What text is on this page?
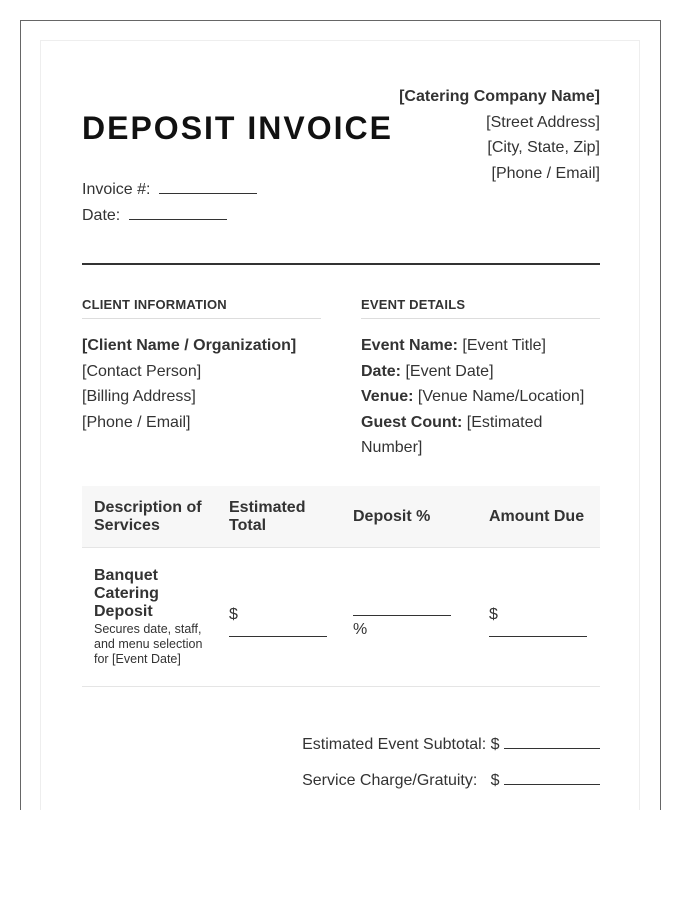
DEPOSIT INVOICE
[Catering Company Name]
[Street Address]
[City, State, Zip]
[Phone / Email]
Invoice #:
Date:
CLIENT INFORMATION
[Client Name / Organization]
[Contact Person]
[Billing Address]
[Phone / Email]
EVENT DETAILS
Event Name: [Event Title]
Date: [Event Date]
Venue: [Venue Name/Location]
Guest Count: [Estimated Number]
Description of Services	Estimated Total	Deposit %	Amount Due

Banquet Catering Deposit
Secures date, staff, and menu selection for [Event Date]	$	%	$
Estimated Event Subtotal: $
Service Charge/Gratuity: $
